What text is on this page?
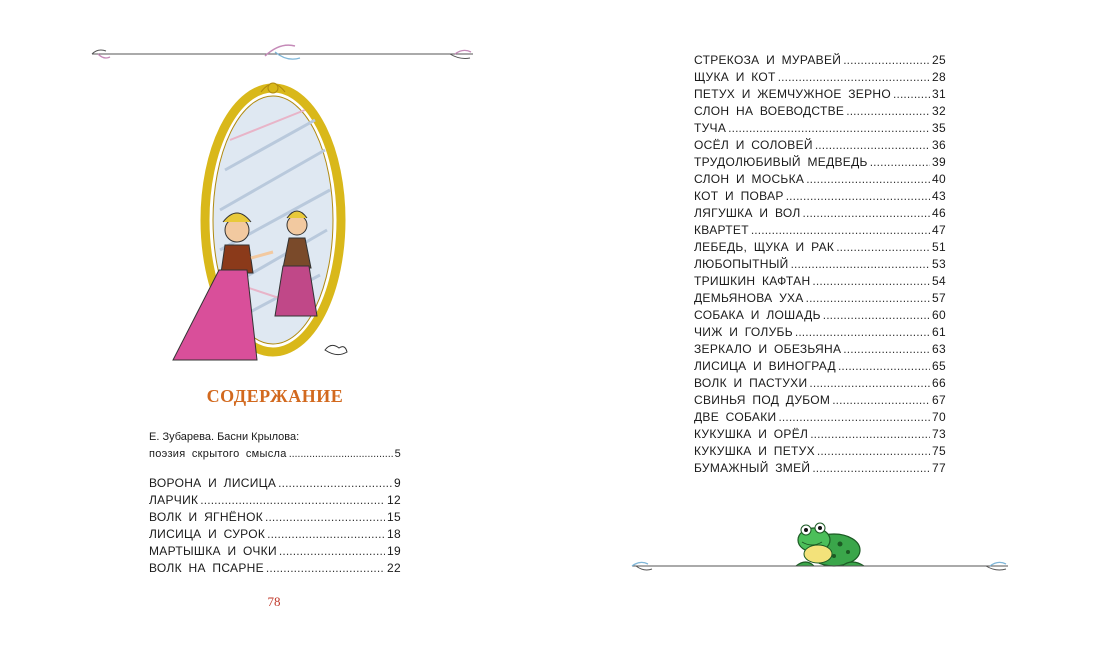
СОДЕРЖАНИЕ
Е. Зубарева. Басни Крылова:
поэзия скрытого смысла . . .	5
ВОРОНА И ЛИСИЦА . . .	9
ЛАРЧИК . . .	12
ВОЛК И ЯГНЁНОК . . .	15
ЛИСИЦА И СУРОК . . .	18
МАРТЫШКА И ОЧКИ . . .	19
ВОЛК НА ПСАРНЕ . . .	22
78
СТРЕКОЗА И МУРАВЕЙ . . .	25
ЩУКА И КОТ . . .	28
ПЕТУХ И ЖЕМЧУЖНОЕ ЗЕРНО . . .	31
СЛОН НА ВОЕВОДСТВЕ . . .	32
ТУЧА . . .	35
ОСЁЛ И СОЛОВЕЙ . . .	36
ТРУДОЛЮБИВЫЙ МЕДВЕДЬ . . .	39
СЛОН И МОСЬКА . . .	40
КОТ И ПОВАР . . .	43
ЛЯГУШКА И ВОЛ . . .	46
КВАРТЕТ . . .	47
ЛЕБЕДЬ, ЩУКА И РАК . . .	51
ЛЮБОПЫТНЫЙ . . .	53
ТРИШКИН КАФТАН . . .	54
ДЕМЬЯНОВА УХА . . .	57
СОБАКА И ЛОШАДЬ . . .	60
ЧИЖ И ГОЛУБЬ . . .	61
ЗЕРКАЛО И ОБЕЗЬЯНА . . .	63
ЛИСИЦА И ВИНОГРАД . . .	65
ВОЛК И ПАСТУХИ . . .	66
СВИНЬЯ ПОД ДУБОМ . . .	67
ДВЕ СОБАКИ . . .	70
КУКУШКА И ОРЁЛ . . .	73
КУКУШКА И ПЕТУХ . . .	75
БУМАЖНЫЙ ЗМЕЙ . . .	77
